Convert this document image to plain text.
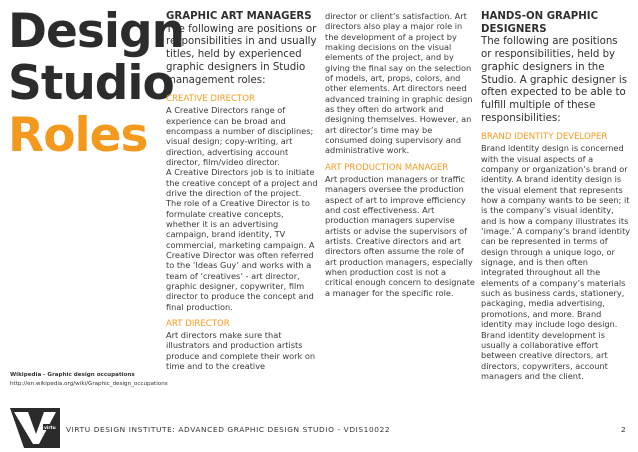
Design
Studio
Roles
Wikipedia - Graphic design occupations
http://en.wikipedia.org/wiki/Graphic_design_occupations
GRAPHIC ART MANAGERS

The following are positions or responsibilities in and usually titles, held by experienced graphic designers in Studio management roles:

CREATIVE DIRECTOR

A Creative Directors range of experience can be broad and encompass a number of disciplines; visual design; copy-writing, art direction, advertising account director, film/video director.

A Creative Directors job is to initiate the creative concept of a project and drive the direction of the project. The role of a Creative Director is to formulate creative concepts, whether it is an advertising campaign, brand identity, TV commercial, marketing campaign. A Creative Director was often referred to the ‘Ideas Guy’ and works with a team of ‘creatives’ - art director, graphic designer, copywriter, film director to produce the concept and final production.

ART DIRECTOR

Art directors make sure that illustrators and production artists produce and complete their work on time and to the creative

director or client’s satisfaction. Art directors also play a major role in the development of a project by making decisions on the visual elements of the project, and by giving the final say on the selection of models, art, props, colors, and other elements. Art directors need advanced training in graphic design as they often do artwork and designing themselves. However, an art director’s time may be consumed doing supervisory and administrative work.

ART PRODUCTION MANAGER

Art production managers or traffic managers oversee the production aspect of art to improve efficiency and cost effectiveness. Art production managers supervise artists or advise the supervisors of artists. Creative directors and art directors often assume the role of art production managers, especially when production cost is not a critical enough concern to designate a manager for the specific role.

HANDS-ON GRAPHIC DESIGNERS

The following are positions or responsibilities, held by graphic designers in the Studio. A graphic designer is often expected to be able to fulfill multiple of these responsibilities:

BRAND IDENTITY DEVELOPER

Brand identity design is concerned with the visual aspects of a company or organization’s brand or identity. A brand identity design is the visual element that represents how a company wants to be seen; it is the company’s visual identity, and is how a company illustrates its ‘image.’ A company’s brand identity can be represented in terms of design through a unique logo, or signage, and is then often integrated throughout all the elements of a company’s materials such as business cards, stationery, packaging, media advertising, promotions, and more. Brand identity may include logo design. Brand identity development is usually a collaborative effort between creative directors, art directors, copywriters, account managers and the client.

virtu VIRTU DESIGN INSTITUTE: ADVANCED GRAPHIC DESIGN STUDIO - VDIS10022	2
